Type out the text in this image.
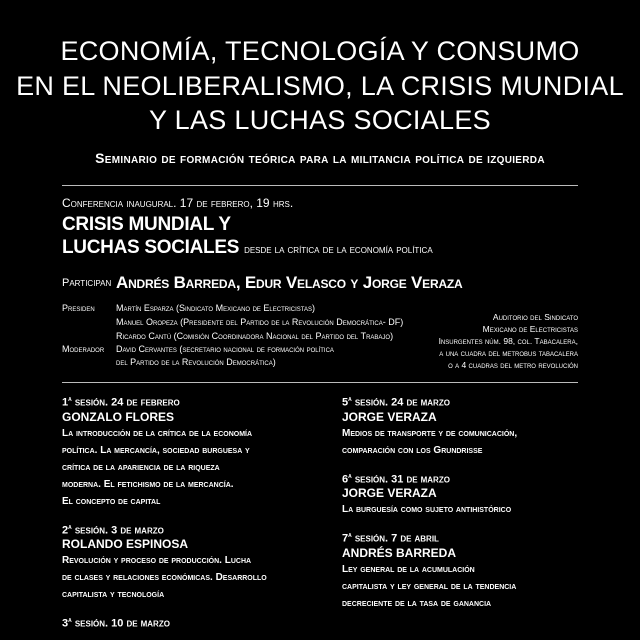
ECONOMÍA, TECNOLOGÍA Y CONSUMO
EN EL NEOLIBERALISMO, LA CRISIS MUNDIAL
Y LAS LUCHAS SOCIALES
Seminario de formación teórica para la militancia política de izquierda
Conferencia inaugural. 17 de febrero, 19 hrs.
CRISIS MUNDIAL Y
LUCHAS SOCIALES desde la crítica de la economía política
Participan Andrés Barreda, Edur Velasco y Jorge Veraza
Presiden Martín Esparza (Sindicato Mexicano de Electricistas)
Manuel Oropeza (Presidente del Partido de la Revolución Democrática- DF)
Ricardo Cantú (Comisión Coordinadora Nacional del Partido del Trabajo)
Moderador David Cervantes (secretario nacional de formación política
del Partido de la Revolución Democrática)
Auditorio del Sindicato
Mexicano de Electricistas
Insurgentes núm. 98, col. Tabacalera,
a una cuadra del metrobus tabacalera
o a 4 cuadras del metro revolución
1$^a$ sesión. 24 de febrero
GONZALO FLORES
La introducción de la crítica de la economía
política. La mercancía, sociedad burguesa y
crítica de la apariencia de la riqueza
moderna. El fetichismo de la mercancía.
El concepto de capital
2$^a$ sesión. 3 de marzo
ROLANDO ESPINOSA
Revolución y proceso de producción. Lucha
de clases y relaciones económicas. Desarrollo
capitalista y tecnología
3$^a$ sesión. 10 de marzo
5$^a$ sesión. 24 de marzo
JORGE VERAZA
Medios de transporte y de comunicación,
comparación con los Grundrisse
6$^a$ sesión. 31 de marzo
JORGE VERAZA
La burguesía como sujeto antihistórico
7$^a$ sesión. 7 de abril
ANDRÉS BARREDA
Ley general de la acumulación
capitalista y ley general de la tendencia
decreciente de la tasa de ganancia
